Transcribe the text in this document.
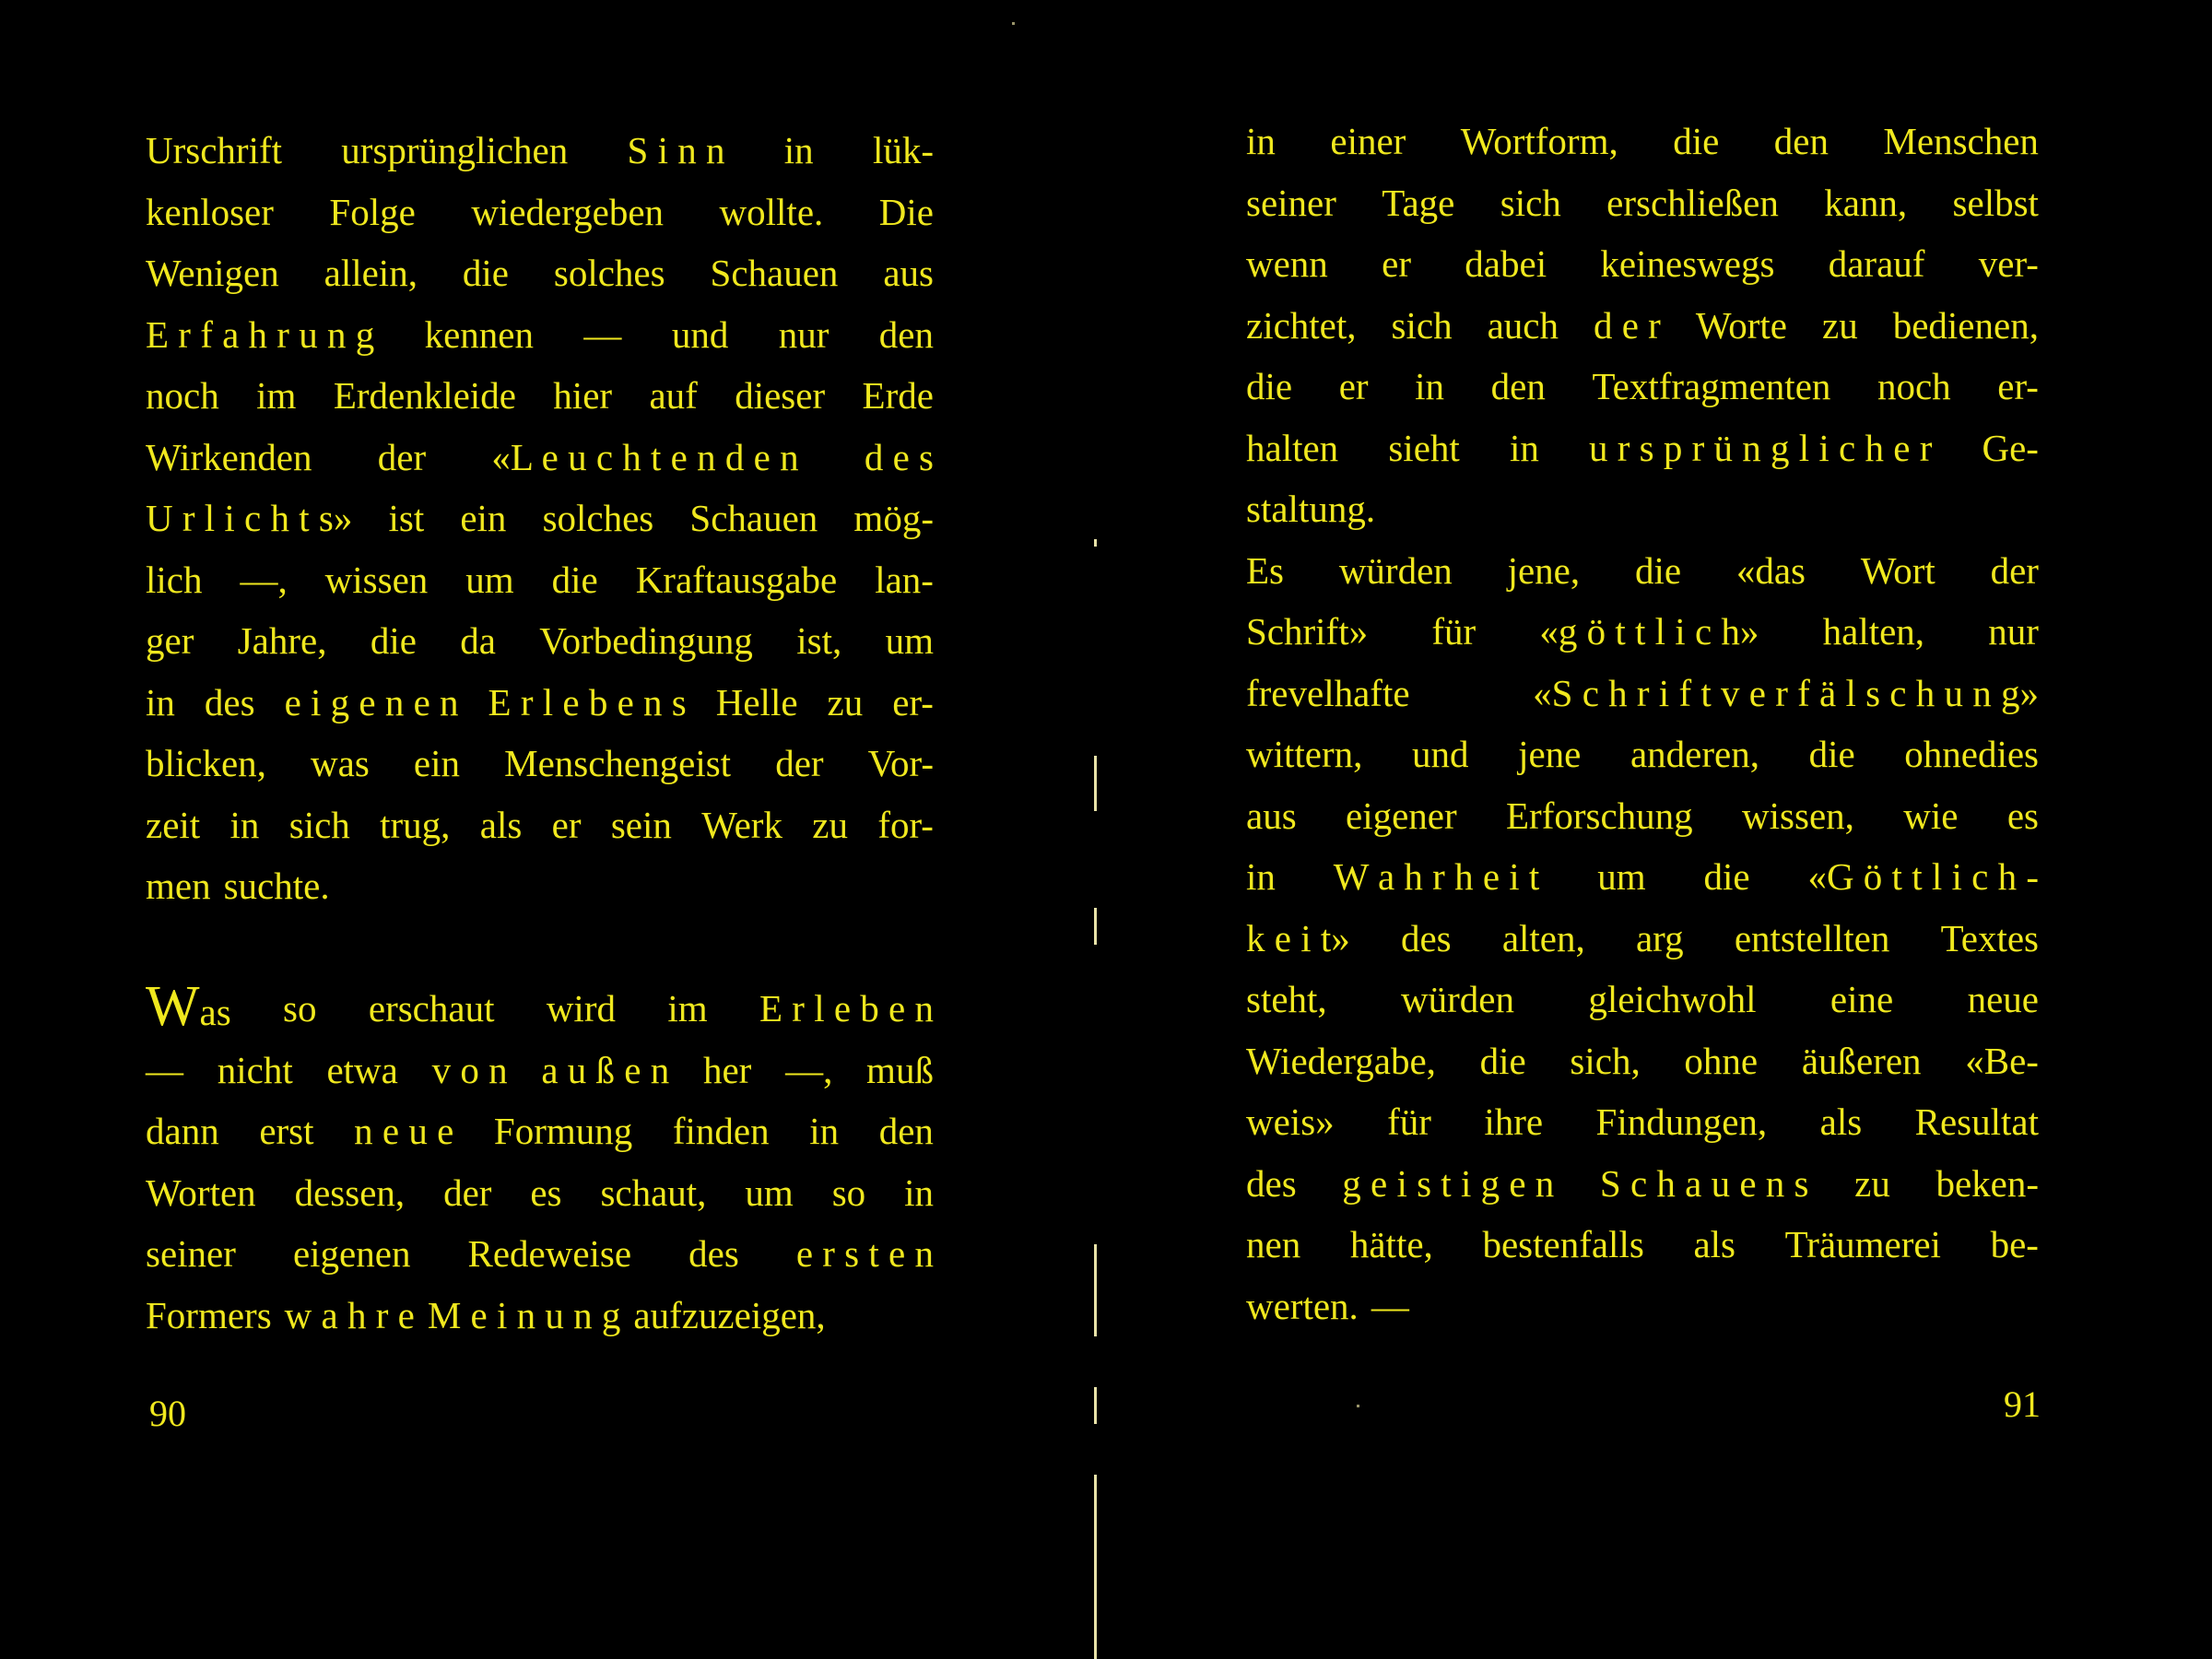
Urschrift ursprünglichen S i n n in lük-
kenloser Folge wiedergeben wollte. Die
Wenigen allein, die solches Schauen aus
E r f a h r u n g kennen — und nur den
noch im Erdenkleide hier auf dieser Erde
Wirkenden der «L e u c h t e n d e n d e s
U r l i c h t s» ist ein solches Schauen mög-
lich —, wissen um die Kraftausgabe lan-
ger Jahre, die da Vorbedingung ist, um
in des e i g e n e n E r l e b e n s Helle zu er-
blicken, was ein Menschengeist der Vor-
zeit in sich trug, als er sein Werk zu for-
men suchte.
Was so erschaut wird im E r l e b e n
— nicht etwa v o n a u ß e n her —, muß
dann erst n e u e Formung finden in den
Worten dessen, der es schaut, um so in
seiner eigenen Redeweise des e r s t e n
Formers w a h r e M e i n u n g aufzuzeigen,
90
in einer Wortform, die den Menschen
seiner Tage sich erschließen kann, selbst
wenn er dabei keineswegs darauf ver-
zichtet, sich auch d e r Worte zu bedienen,
die er in den Textfragmenten noch er-
halten sieht in u r s p r ü n g l i c h e r Ge-
staltung.
Es würden jene, die «das Wort der
Schrift» für «g ö t t l i c h» halten, nur
frevelhafte	«S c h r i f t v e r f ä l s c h u n g»
wittern, und jene anderen, die ohnedies
aus eigener Erforschung wissen, wie es
in W a h r h e i t um die «G ö t t l i c h -
k e i t» des alten, arg entstellten Textes
steht, würden gleichwohl eine neue
Wiedergabe, die sich, ohne äußeren «Be-
weis» für ihre Findungen, als Resultat
des g e i s t i g e n S c h a u e n s zu beken-
nen hätte, bestenfalls als Träumerei be-
werten. —
91
